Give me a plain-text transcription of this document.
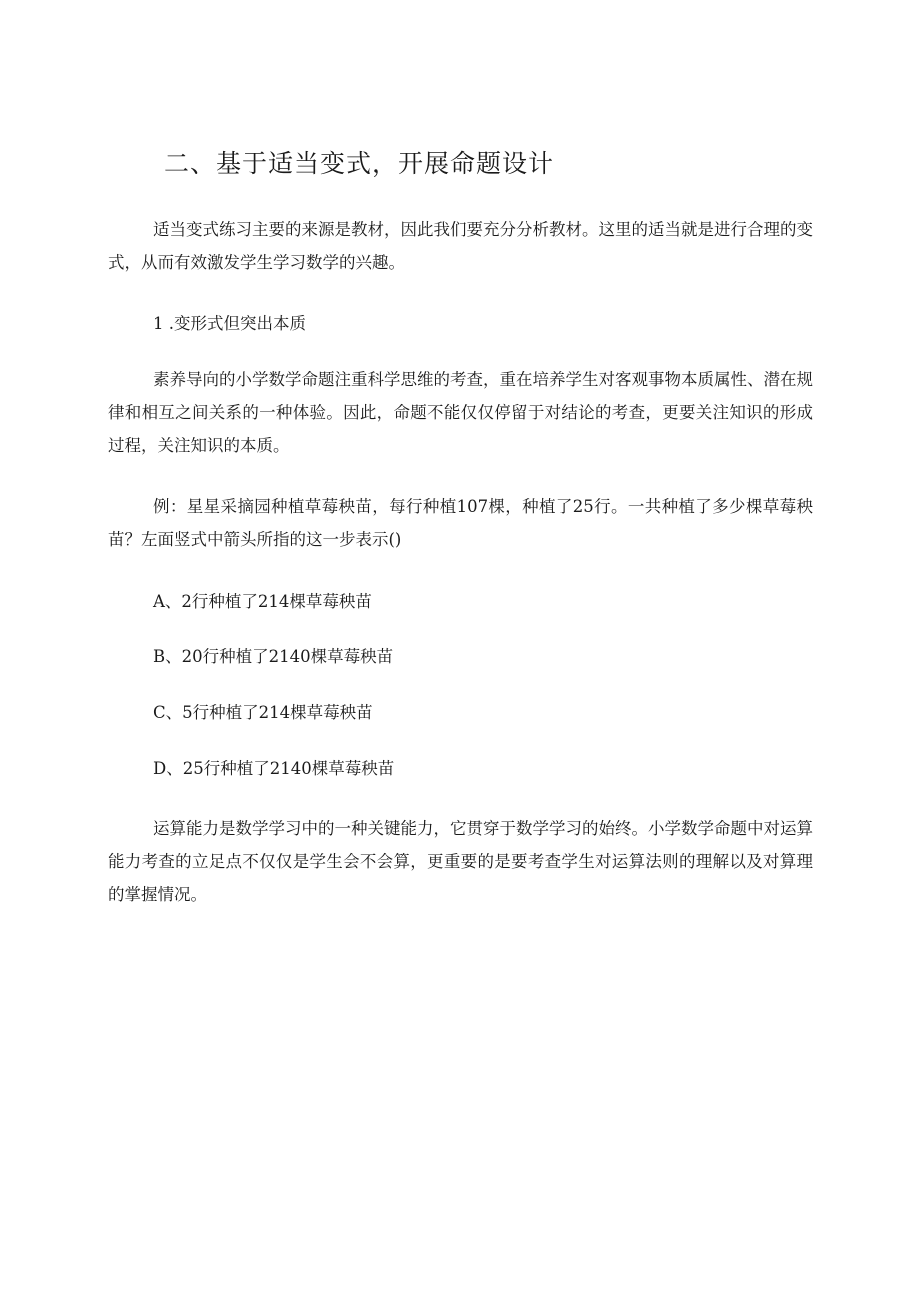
二、基于适当变式，开展命题设计

适当变式练习主要的来源是教材，因此我们要充分分析教材。这里的适当就是进行合理的变式，从而有效激发学生学习数学的兴趣。

1 .变形式但突出本质

素养导向的小学数学命题注重科学思维的考查，重在培养学生对客观事物本质属性、潜在规律和相互之间关系的一种体验。因此，命题不能仅仅停留于对结论的考查，更要关注知识的形成过程，关注知识的本质。

例：星星采摘园种植草莓秧苗，每行种植107棵，种植了25行。一共种植了多少棵草莓秧苗？左面竖式中箭头所指的这一步表示()

A、2行种植了214棵草莓秧苗

B、20行种植了2140棵草莓秧苗

C、5行种植了214棵草莓秧苗

D、25行种植了2140棵草莓秧苗

运算能力是数学学习中的一种关键能力，它贯穿于数学学习的始终。小学数学命题中对运算能力考查的立足点不仅仅是学生会不会算，更重要的是要考查学生对运算法则的理解以及对算理的掌握情况。
